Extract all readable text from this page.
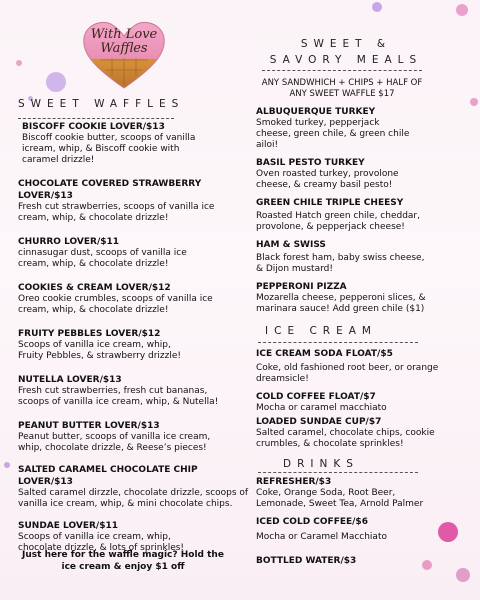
With Love
Waffles
SWEET WAFFLES
BISCOFF COOKIE LOVER/$13
Biscoff cookie butter, scoops of vanilla icream, whip, & Biscoff cookie with caramel drizzle!
CHOCOLATE COVERED STRAWBERRY LOVER/$13
Fresh cut strawberries, scoops of vanilla ice cream, whip, & chocolate drizzle!
CHURRO LOVER/$11
cinnasugar dust, scoops of vanilla ice cream, whip, & chocolate drizzle!
COOKIES & CREAM LOVER/$12
Oreo cookie crumbles, scoops of vanilla ice cream, whip, & chocolate drizzle!
FRUITY PEBBLES LOVER/$12
Scoops of vanilla ice cream, whip, Fruity Pebbles, & strawberry drizzle!
NUTELLA LOVER/$13
Fresh cut strawberries, fresh cut bananas, scoops of vanilla ice cream, whip, & Nutella!
PEANUT BUTTER LOVER/$13
Peanut butter, scoops of vanilla ice cream, whip, chocolate drizzle, & Reese’s pieces!
SALTED CARAMEL CHOCOLATE CHIP LOVER/$13
Salted caramel dirzzle, chocolate drizzle, scoops of vanilla ice cream, whip, & mini chocolate chips.
SUNDAE LOVER/$11
Scoops of vanilla ice cream, whip, chocolate drizzle, & lots of sprinkles!
Just here for the waffle magic? Hold the ice cream & enjoy $1 off
SWEET &
SAVORY MEALS
ANY SANDWHICH + CHIPS + HALF OF ANY SWEET WAFFLE $17
ALBUQUERQUE TURKEY
Smoked turkey, pepperjack cheese, green chile, & green chile ailoi!
BASIL PESTO TURKEY
Oven roasted turkey, provolone cheese, & creamy basil pesto!
GREEN CHILE TRIPLE CHEESY
Roasted Hatch green chile, cheddar, provolone, & pepperjack cheese!
HAM & SWISS
Black forest ham, baby swiss cheese, & Dijon mustard!
PEPPERONI PIZZA
Mozarella cheese, pepperoni slices, & marinara sauce! Add green chile ($1)
ICE CREAM
ICE CREAM SODA FLOAT/$5
Coke, old fashioned root beer, or orange dreamsicle!
COLD COFFEE FLOAT/$7
Mocha or caramel macchiato
LOADED SUNDAE CUP/$7
Salted caramel, chocolate chips, cookie crumbles, & chocolate sprinkles!
DRINKS
REFRESHER/$3
Coke, Orange Soda, Root Beer, Lemonade, Sweet Tea, Arnold Palmer
ICED COLD COFFEE/$6
Mocha or Caramel Macchiato
BOTTLED WATER/$3
